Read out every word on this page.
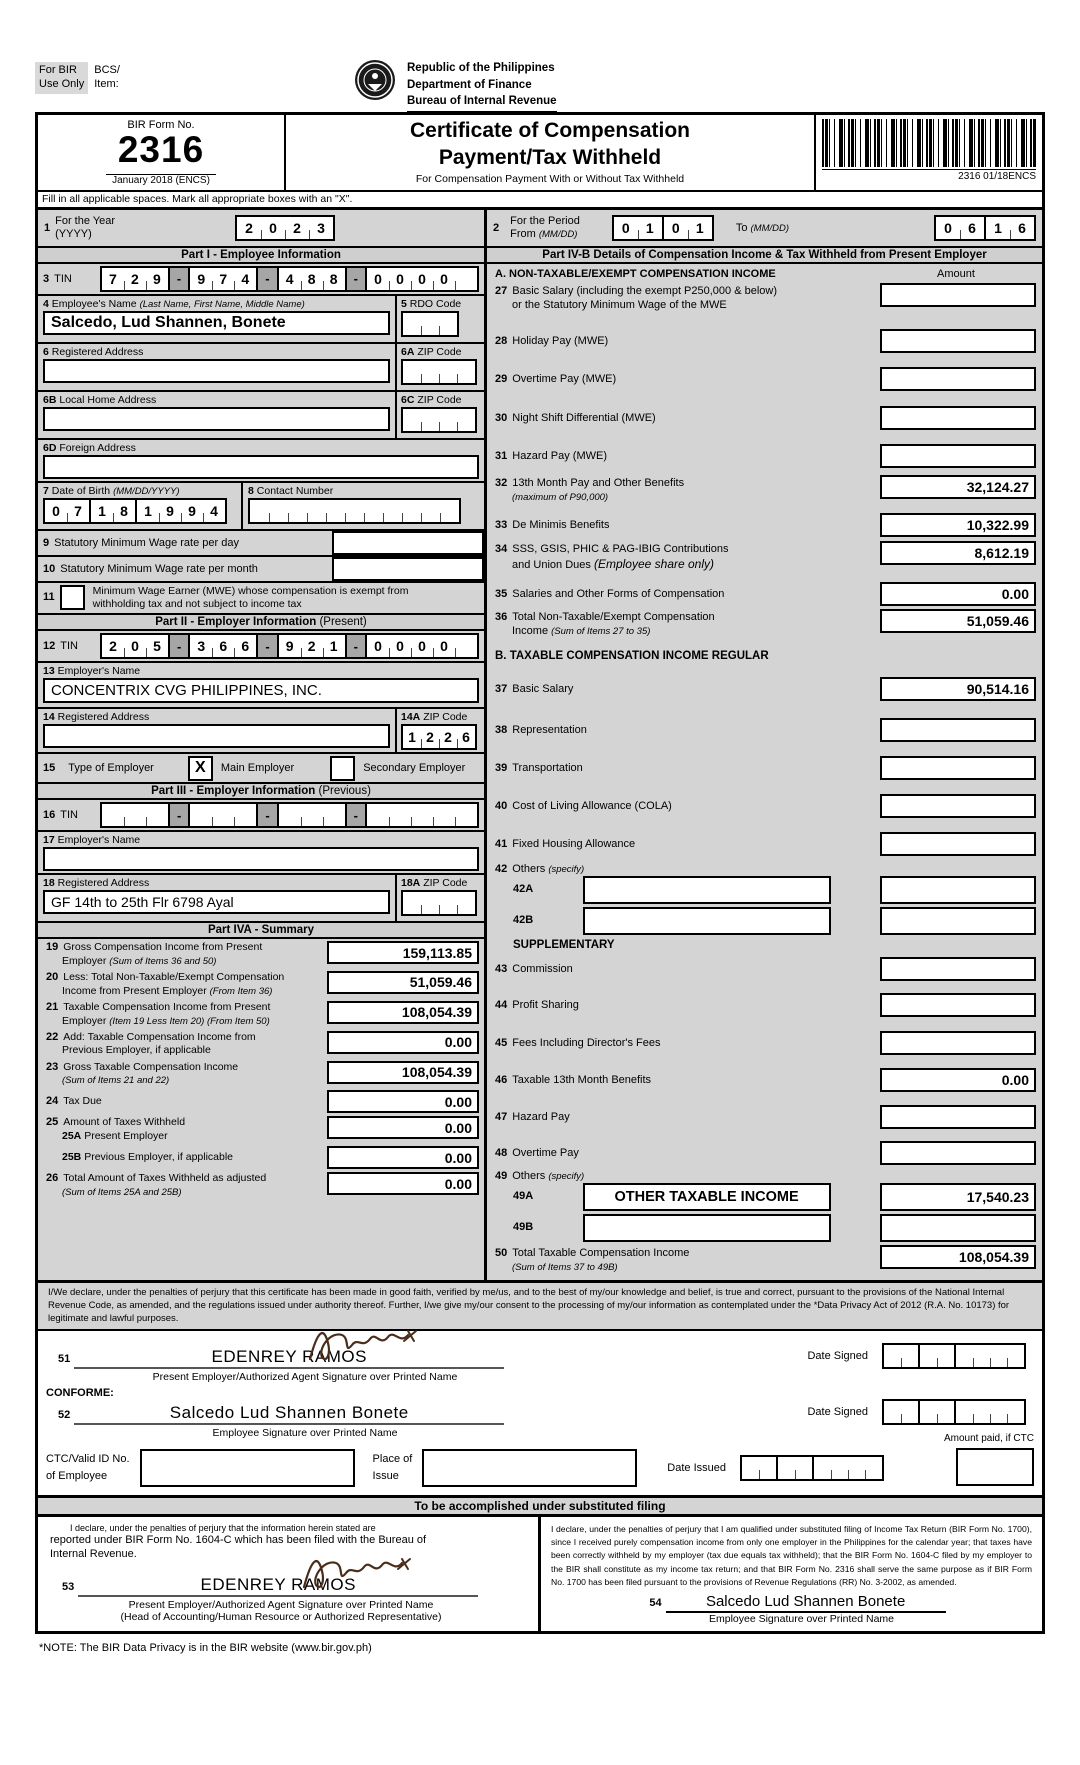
For BIR
Use Only
BCS/
Item:
Republic of the Philippines
Department of Finance
Bureau of Internal Revenue
BIR Form No.
2316
January 2018 (ENCS)
Certificate of Compensation
Payment/Tax Withheld
For Compensation Payment With or Without Tax Withheld	2316 01/18ENCS
Fill in all applicable spaces. Mark all appropriate boxes with an "X".
1
For the Year
(YYYY)	2	0	2	3
Part I - Employee Information
3 TIN	7	2	9	-	9	7	4	-	4	8	8	-	0	0	0	0
4 Employee's Name (Last Name, First Name, Middle Name)
Salcedo, Lud Shannen, Bonete
5 RDO Code
6 Registered Address	6A ZIP Code
6B Local Home Address	6C ZIP Code
6D Foreign Address
7 Date of Birth (MM/DD/YYYY)
0	7	1	8	1	9	9	4
8 Contact Number
9 Statutory Minimum Wage rate per day
10 Statutory Minimum Wage rate per month
11	Minimum Wage Earner (MWE) whose compensation is exempt from
withholding tax and not subject to income tax
Part II - Employer Information (Present)
12 TIN	2	0	5	-	3	6	6	-	9	2	1	-	0	0	0	0
13 Employer's Name
CONCENTRIX CVG PHILIPPINES, INC.
14 Registered Address	14A ZIP Code
1 2 2 6
15 Type of Employer	X	Main Employer	Secondary Employer
Part III - Employer Information (Previous)
16 TIN	-	-	-
17 Employer's Name
18 Registered Address
GF 14th to 25th Flr 6798 Ayal
18A ZIP Code
Part IVA - Summary
19 Gross Compensation Income from Present
Employer (Sum of Items 36 and 50)
159,113.85
20 Less: Total Non-Taxable/Exempt Compensation
Income from Present Employer (From Item 36)
51,059.46
21 Taxable Compensation Income from Present
Employer (Item 19 Less Item 20) (From Item 50)
108,054.39
22 Add: Taxable Compensation Income from
Previous Employer, if applicable
0.00
23 Gross Taxable Compensation Income
(Sum of Items 21 and 22)
108,054.39
24 Tax Due	0.00
25 Amount of Taxes Withheld
25A Present Employer
0.00
25B Previous Employer, if applicable	0.00
26 Total Amount of Taxes Withheld as adjusted
(Sum of Items 25A and 25B)
0.00
2
For the Period
From (MM/DD)	0	1	0	1	To (MM/DD)	0	6	1	6
Part IV-B Details of Compensation Income & Tax Withheld from Present Employer
A. NON-TAXABLE/EXEMPT COMPENSATION INCOME	Amount
27 Basic Salary (including the exempt P250,000 & below)
or the Statutory Minimum Wage of the MWE
28 Holiday Pay (MWE)
29 Overtime Pay (MWE)
30 Night Shift Differential (MWE)
31 Hazard Pay (MWE)
32 13th Month Pay and Other Benefits
(maximum of P90,000)
32,124.27
33 De Minimis Benefits	10,322.99
34 SSS, GSIS, PHIC & PAG-IBIG Contributions
and Union Dues (Employee share only)
8,612.19
35 Salaries and Other Forms of Compensation	0.00
36 Total Non-Taxable/Exempt Compensation
Income (Sum of Items 27 to 35)
51,059.46
B. TAXABLE COMPENSATION INCOME REGULAR
37 Basic Salary	90,514.16
38 Representation
39 Transportation
40 Cost of Living Allowance (COLA)
41 Fixed Housing Allowance
42 Others (specify)
42A
42B
SUPPLEMENTARY
43 Commission
44 Profit Sharing
45 Fees Including Director's Fees
46 Taxable 13th Month Benefits	0.00
47 Hazard Pay
48 Overtime Pay
49 Others (specify)
49A	OTHER TAXABLE INCOME	17,540.23
49B
50 Total Taxable Compensation Income
(Sum of Items 37 to 49B)
108,054.39
I/We declare, under the penalties of perjury that this certificate has been made in good faith, verified by me/us, and to the best of my/our knowledge and belief, is true and correct, pursuant to the provisions of the National Internal Revenue Code, as amended, and the regulations issued under authority thereof. Further, I/we give my/our consent to the processing of my/our information as contemplated under the *Data Privacy Act of 2012 (R.A. No. 10173) for legitimate and lawful purposes.
51	EDENREY RAMOS	Date Signed
Present Employer/Authorized Agent Signature over Printed Name
CONFORME:
52	Salcedo Lud Shannen Bonete	Date Signed
Employee Signature over Printed Name
CTC/Valid ID No.
of Employee
Place of
Issue
Date Issued
Amount paid, if CTC
To be accomplished under substituted filing
I declare, under the penalties of perjury that the information herein stated are
reported under BIR Form No. 1604-C which has been filed with the Bureau of
Internal Revenue.
53	EDENREY RAMOS
Present Employer/Authorized Agent Signature over Printed Name
(Head of Accounting/Human Resource or Authorized Representative)
I declare, under the penalties of perjury that I am qualified under substituted filing of Income Tax Return (BIR Form No. 1700), since I received purely compensation income from only one employer in the Philippines for the calendar year; that taxes have been correctly withheld by my employer (tax due equals tax withheld); that the BIR Form No. 1604-C filed by my employer to the BIR shall constitute as my income tax return; and that BIR Form No. 2316 shall serve the same purpose as if BIR Form No. 1700 has been filed pursuant to the provisions of Revenue Regulations (RR) No. 3-2002, as amended.
54	Salcedo Lud Shannen Bonete
Employee Signature over Printed Name
*NOTE: The BIR Data Privacy is in the BIR website (www.bir.gov.ph)
